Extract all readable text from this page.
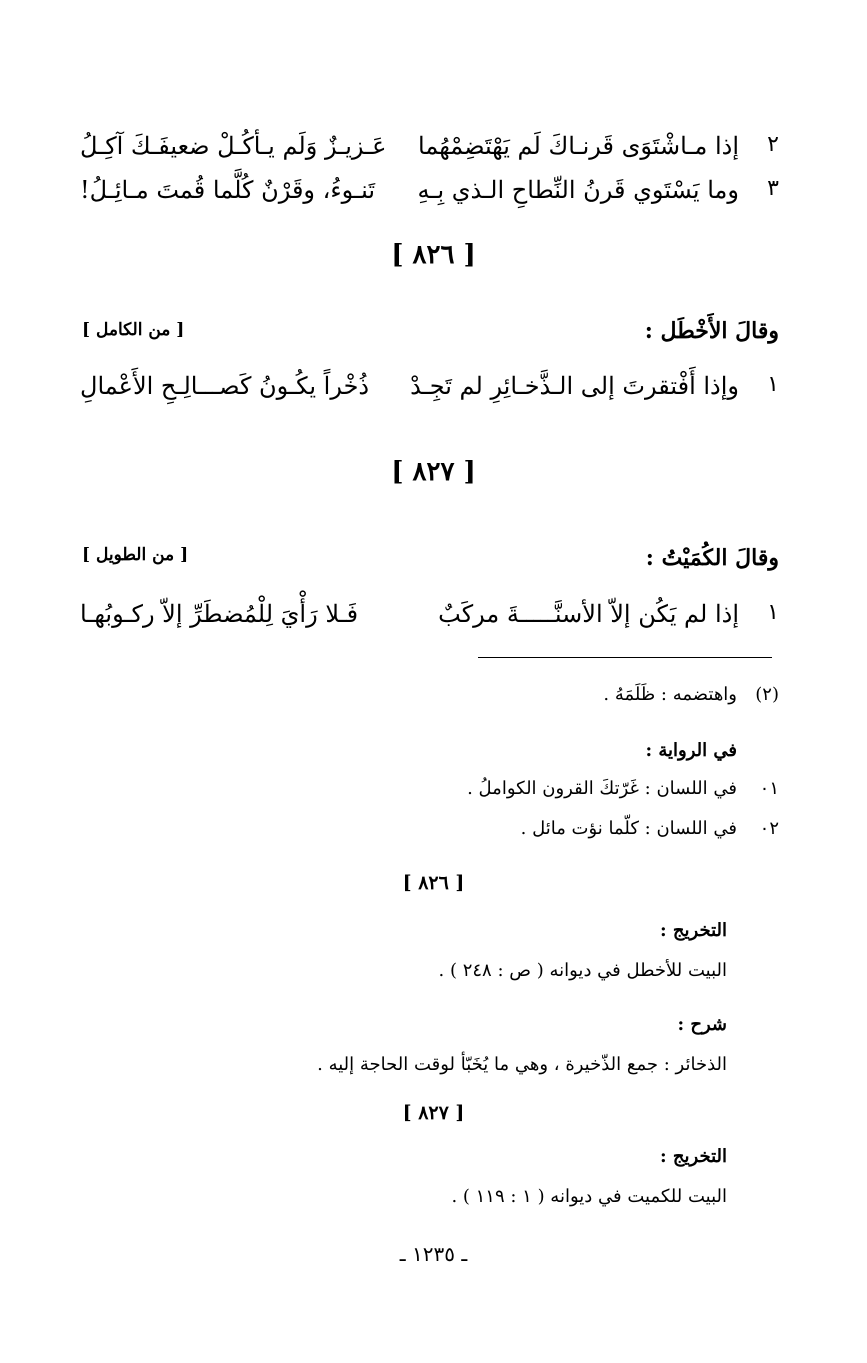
٢
إذا مـاشْتَوَى قَرنـاكَ لَم يَهْتَضِمْهُما
عَـزيـزٌ وَلَم يـأكُـلْ ضعيفَـكَ آكِـلُ
٣
وما يَسْتَوي قَرنُ النِّطاحِ الـذي بِـهِ
تَنـوءُ، وقَرْنٌ كُلَّما قُمتَ مـائِـلُ!
[ ٨٢٦ ]
وقالَ الأَخْطَل :
[ من الكامل ]
١
وإذا أَفْتقرتَ إلى الـذَّخـائِرِ لم تَجِـدْ
ذُخْراً يكُـونُ كَصـــالِـحِ الأَعْمالِ
[ ٨٢٧ ]
وقالَ الكُمَيْتُ :
[ من الطويل ]
١
إذا لم يَكُن إلاّ الأسنَّـــــةَ مركَبٌ
فَـلا رَأْيَ لِلْمُضطَرِّ إلاّ ركـوبُهـا
(٢)
واهتضمه : ظَلَمَهُ .
في الرواية :
٠١
في اللسان : غَرّتكَ القرون الكواملُ .
٠٢
في اللسان : كلّما نؤت مائل .
[ ٨٢٦ ]
التخريج :
البيت للأخطل في ديوانه ( ص : ٢٤٨ ) .
شرح :
الذخائر : جمع الذّخيرة ، وهي ما يُخَبّأ لوقت الحاجة إليه .
[ ٨٢٧ ]
التخريج :
البيت للكميت في ديوانه ( ١ : ١١٩ ) .
ـ ١٢٣٥ ـ
